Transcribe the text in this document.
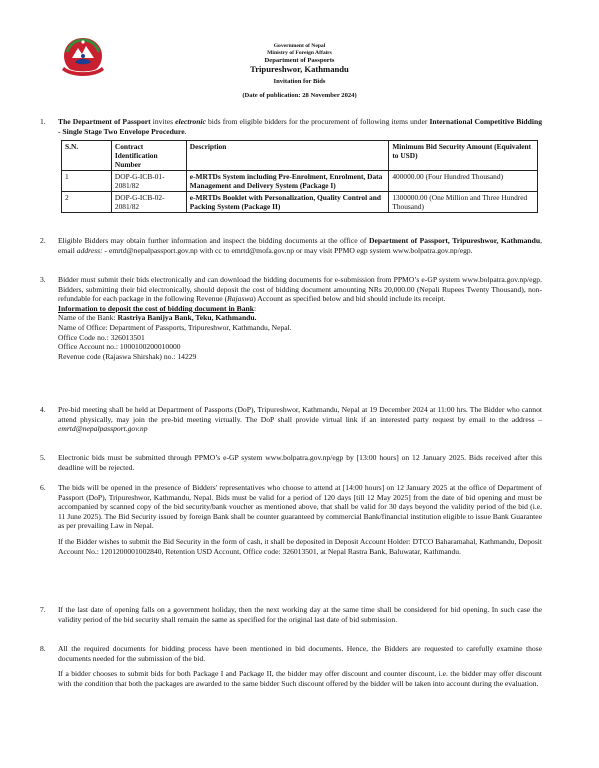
Government of Nepal
Ministry of Foreign Affairs
Department of Passports
Tripureshwor, Kathmandu
Invitation for Bids
(Date of publication: 28 November 2024)
1. The Department of Passport invites electronic bids from eligible bidders for the procurement of following items under International Competitive Bidding - Single Stage Two Envelope Procedure.

S.N.	Contract Identification Number	Description	Minimum Bid Security Amount (Equivalent to USD)
1	DOP-G-ICB-01-2081/82	e-MRTDs System including Pre-Enrolment, Enrolment, Data Management and Delivery System (Package I)	400000.00 (Four Hundred Thousand)
2	DOP-G-ICB-02-2081/82	e-MRTDs Booklet with Personalization, Quality Control and Packing System (Package II)	1300000.00 (One Million and Three Hundred Thousand)
2. Eligible Bidders may obtain further information and inspect the bidding documents at the office of Department of Passport, Tripureshwor, Kathmandu, email address: - emrtd@nepalpassport.gov.np with cc to emrtd@mofa.gov.np or may visit PPMO egp system www.bolpatra.gov.np/egp.

3. Bidder must submit their bids electronically and can download the bidding documents for e-submission from PPMO’s e-GP system www.bolpatra.gov.np/egp. Bidders, submitting their bid electronically, should deposit the cost of bidding document amounting NRs 20,000.00 (Nepali Rupees Twenty Thousand), non-refundable for each package in the following Revenue (Rajaswa) Account as specified below and bid should include its receipt.

Information to deposit the cost of bidding document in Bank:

Name of the Bank: Rastriya Banijya Bank, Teku, Kathmandu.

Name of Office: Department of Passports, Tripureshwor, Kathmandu, Nepal.

Office Code no.: 326013501

Office Account no.: 1000100200010000

Revenue code (Rajaswa Shirshak) no.: 14229

4. Pre-bid meeting shall be held at Department of Passports (DoP), Tripureshwor, Kathmandu, Nepal at 19 December 2024 at 11:00 hrs. The Bidder who cannot attend physically, may join the pre-bid meeting virtually. The DoP shall provide virtual link if an interested party request by email to the address – emrtd@nepalpassport.gov.np

5. Electronic bids must be submitted through PPMO’s e-GP system www.bolpatra.gov.np/egp by [13:00 hours] on 12 January 2025. Bids received after this deadline will be rejected.

6. The bids will be opened in the presence of Bidders' representatives who choose to attend at [14:00 hours] on 12 January 2025 at the office of Department of Passport (DoP), Tripureshwor, Kathmandu, Nepal. Bids must be valid for a period of 120 days [till 12 May 2025] from the date of bid opening and must be accompanied by scanned copy of the bid security/bank voucher as mentioned above, that shall be valid for 30 days beyond the validity period of the bid (i.e. 11 June 2025). The Bid Security issued by foreign Bank shall be counter guaranteed by commercial Bank/financial institution eligible to issue Bank Guarantee as per prevailing Law in Nepal.

If the Bidder wishes to submit the Bid Security in the form of cash, it shall be deposited in Deposit Account Holder: DTCO Baharamahal, Kathmandu, Deposit Account No.: 1201200001002840, Retention USD Account, Office code: 326013501, at Nepal Rastra Bank, Baluwatar, Kathmandu.

7. If the last date of opening falls on a government holiday, then the next working day at the same time shall be considered for bid opening. In such case the validity period of the bid security shall remain the same as specified for the original last date of bid submission.

8. All the required documents for bidding process have been mentioned in bid documents. Hence, the Bidders are requested to carefully examine those documents needed for the submission of the bid.

If a bidder chooses to submit bids for both Package I and Package II, the bidder may offer discount and counter discount, i.e. the bidder may offer discount with the condition that both the packages are awarded to the same bidder Such discount offered by the bidder will be taken into account during the evaluation.
